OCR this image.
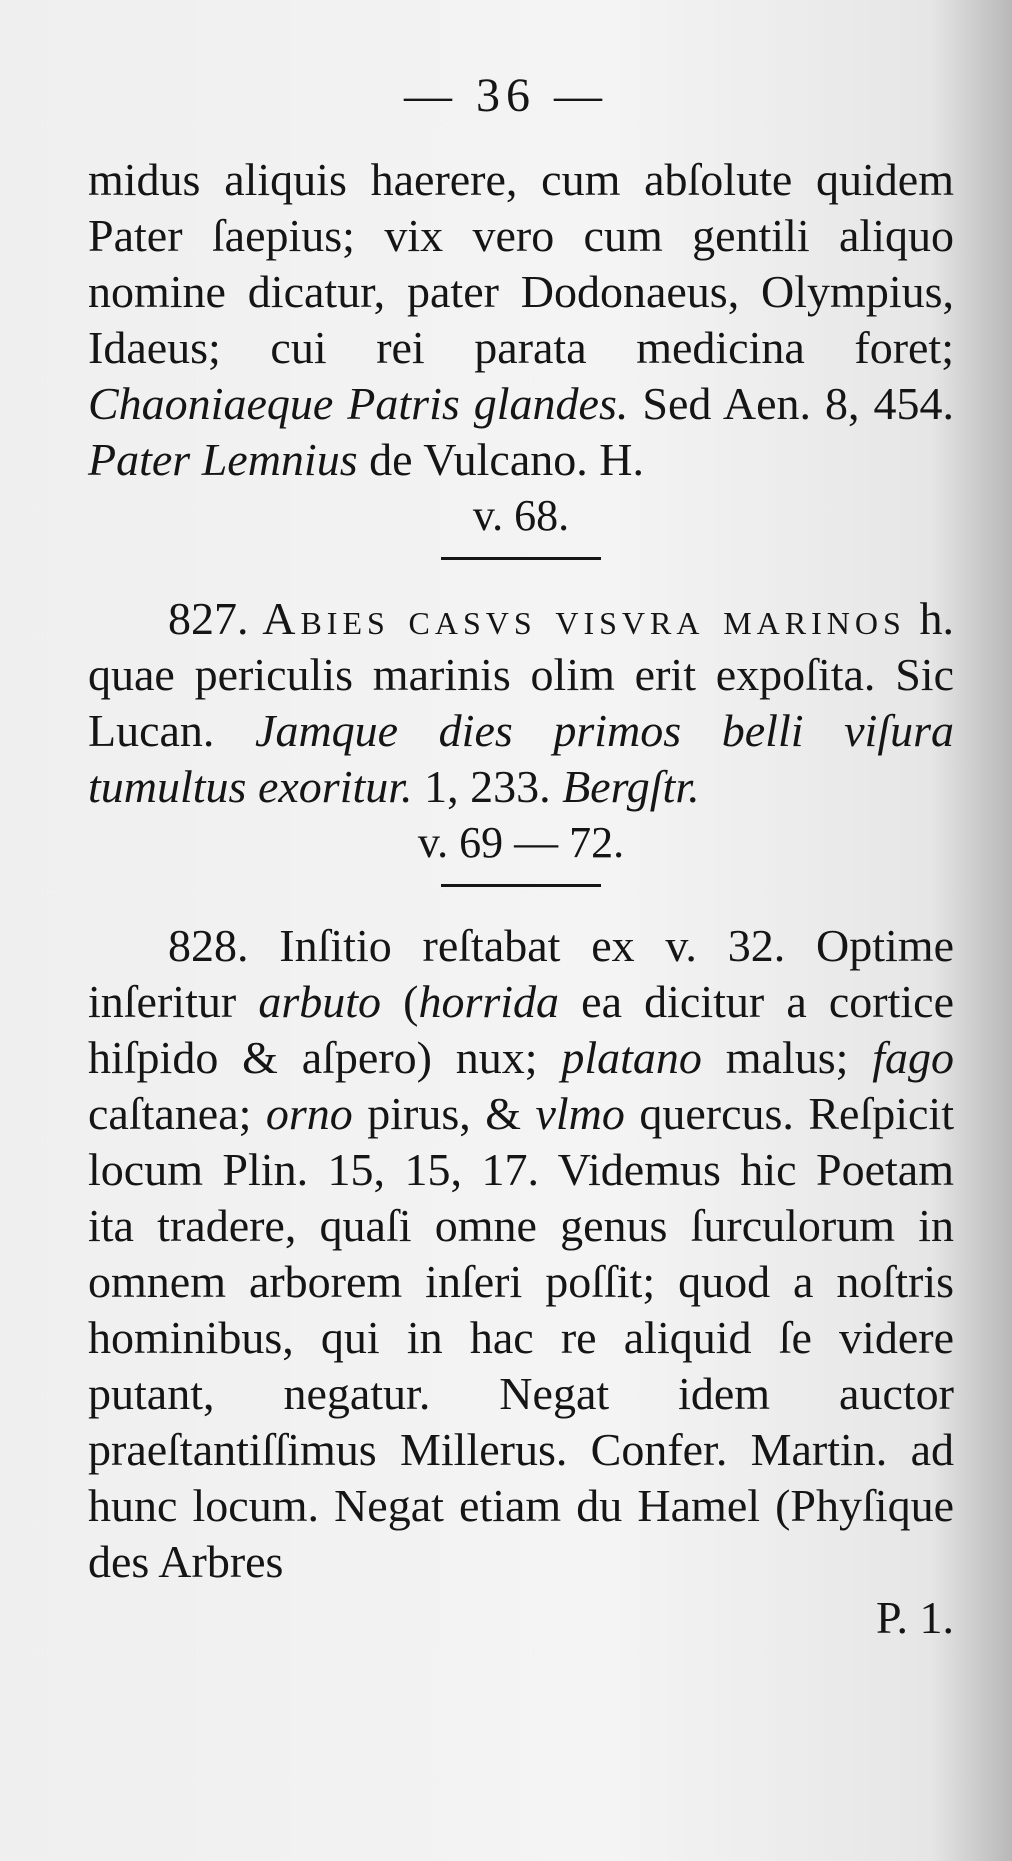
— 36 —

midus aliquis haerere, cum abſolute quidem Pater ſaepius; vix vero cum gentili aliquo nomine dicatur, pater Dodonaeus, Olympius, Idaeus; cui rei parata medicina foret; Chaoniaeque Patris glandes. Sed Aen. 8, 454. Pater Lemnius de Vulcano. H.

v. 68.

827. Abies casvs visvra marinos h. quae periculis marinis olim erit expoſita. Sic Lucan. Jamque dies primos belli viſura tumultus exoritur. 1, 233. Bergſtr.

v. 69 — 72.

828. Inſitio reſtabat ex v. 32. Optime inſeritur arbuto (horrida ea dicitur a cortice hiſpido & aſpero) nux; platano malus; fago caſtanea; orno pirus, & vlmo quercus. Reſpicit locum Plin. 15, 15, 17. Videmus hic Poetam ita tradere, quaſi omne genus ſurculorum in omnem arborem inſeri poſſit; quod a noſtris hominibus, qui in hac re aliquid ſe videre putant, negatur. Negat idem auctor praeſtantiſſimus Millerus. Confer. Martin. ad hunc locum. Negat etiam du Hamel (Phyſique des Arbres

P. 1.
